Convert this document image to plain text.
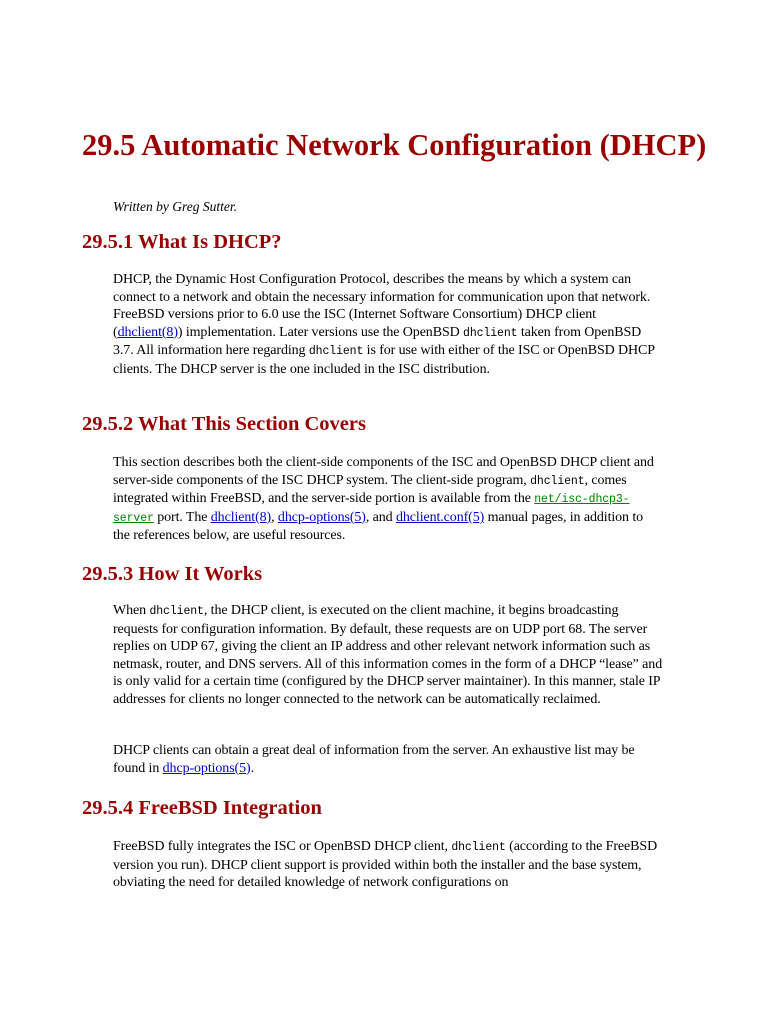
29.5 Automatic Network Configuration (DHCP)

Written by Greg Sutter.

29.5.1 What Is DHCP?

DHCP, the Dynamic Host Configuration Protocol, describes the means by which a system can connect to a network and obtain the necessary information for communication upon that network. FreeBSD versions prior to 6.0 use the ISC (Internet Software Consortium) DHCP client (dhclient(8)) implementation. Later versions use the OpenBSD dhclient taken from OpenBSD 3.7. All information here regarding dhclient is for use with either of the ISC or OpenBSD DHCP clients. The DHCP server is the one included in the ISC distribution.

29.5.2 What This Section Covers

This section describes both the client-side components of the ISC and OpenBSD DHCP client and server-side components of the ISC DHCP system. The client-side program, dhclient, comes integrated within FreeBSD, and the server-side portion is available from the net/isc-dhcp3-server port. The dhclient(8), dhcp-options(5), and dhclient.conf(5) manual pages, in addition to the references below, are useful resources.

29.5.3 How It Works

When dhclient, the DHCP client, is executed on the client machine, it begins broadcasting requests for configuration information. By default, these requests are on UDP port 68. The server replies on UDP 67, giving the client an IP address and other relevant network information such as netmask, router, and DNS servers. All of this information comes in the form of a DHCP “lease” and is only valid for a certain time (configured by the DHCP server maintainer). In this manner, stale IP addresses for clients no longer connected to the network can be automatically reclaimed.

DHCP clients can obtain a great deal of information from the server. An exhaustive list may be found in dhcp-options(5).

29.5.4 FreeBSD Integration

FreeBSD fully integrates the ISC or OpenBSD DHCP client, dhclient (according to the FreeBSD version you run). DHCP client support is provided within both the installer and the base system, obviating the need for detailed knowledge of network configurations on
